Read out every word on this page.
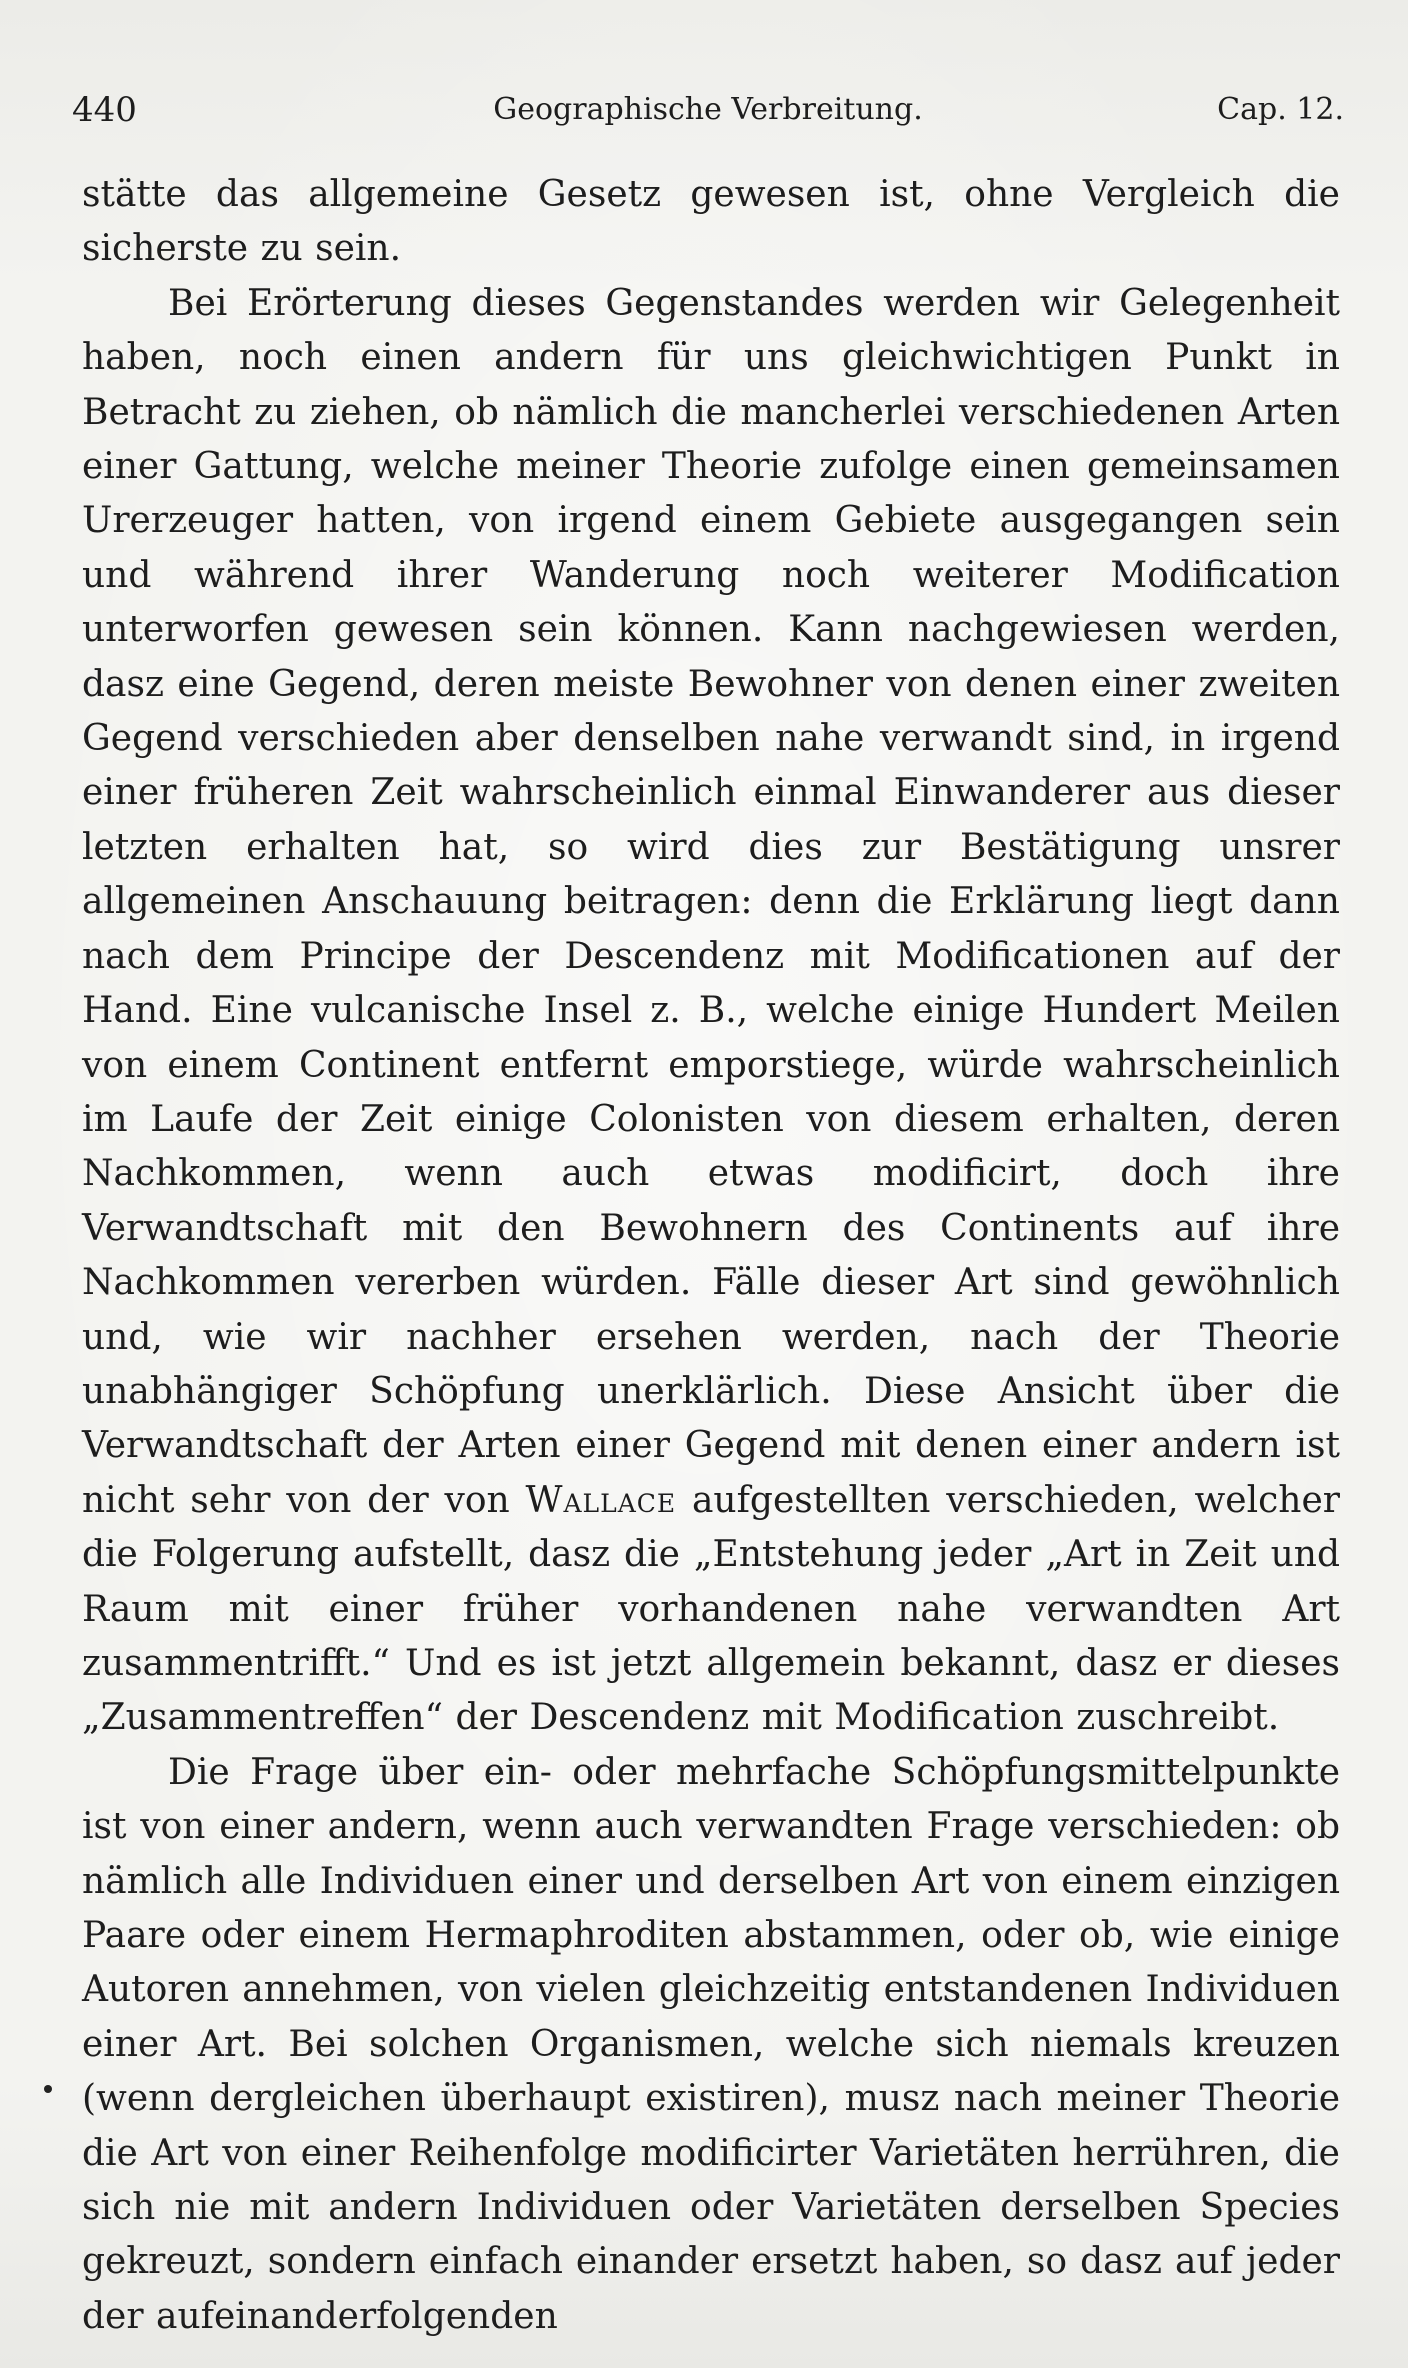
440	Geographische Verbreitung.	Cap. 12.

stätte das allgemeine Gesetz gewesen ist, ohne Vergleich die sicherste zu sein.

Bei Erörterung dieses Gegenstandes werden wir Gelegenheit haben, noch einen andern für uns gleichwichtigen Punkt in Betracht zu ziehen, ob nämlich die mancherlei verschiedenen Arten einer Gattung, welche meiner Theorie zufolge einen gemeinsamen Urerzeuger hatten, von irgend einem Gebiete ausgegangen sein und während ihrer Wanderung noch weiterer Modification unterworfen gewesen sein können. Kann nachgewiesen werden, dasz eine Gegend, deren meiste Bewohner von denen einer zweiten Gegend verschieden aber denselben nahe verwandt sind, in irgend einer früheren Zeit wahrscheinlich einmal Einwanderer aus dieser letzten erhalten hat, so wird dies zur Bestätigung unsrer allgemeinen Anschauung beitragen: denn die Erklärung liegt dann nach dem Principe der Descendenz mit Modificationen auf der Hand. Eine vulcanische Insel z. B., welche einige Hundert Meilen von einem Continent entfernt emporstiege, würde wahrscheinlich im Laufe der Zeit einige Colonisten von diesem erhalten, deren Nachkommen, wenn auch etwas modificirt, doch ihre Verwandtschaft mit den Bewohnern des Continents auf ihre Nachkommen vererben würden. Fälle dieser Art sind gewöhnlich und, wie wir nachher ersehen werden, nach der Theorie unabhängiger Schöpfung unerklärlich. Diese Ansicht über die Verwandtschaft der Arten einer Gegend mit denen einer andern ist nicht sehr von der von Wallace aufgestellten verschieden, welcher die Folgerung aufstellt, dasz die „Entstehung jeder „Art in Zeit und Raum mit einer früher vorhandenen nahe verwandten Art zusammentrifft.“ Und es ist jetzt allgemein bekannt, dasz er dieses „Zusammentreffen“ der Descendenz mit Modification zuschreibt.

Die Frage über ein- oder mehrfache Schöpfungsmittelpunkte ist von einer andern, wenn auch verwandten Frage verschieden: ob nämlich alle Individuen einer und derselben Art von einem einzigen Paare oder einem Hermaphroditen abstammen, oder ob, wie einige Autoren annehmen, von vielen gleichzeitig entstandenen Individuen einer Art. Bei solchen Organismen, welche sich niemals kreuzen (wenn dergleichen überhaupt existiren), musz nach meiner Theorie die Art von einer Reihenfolge modificirter Varietäten herrühren, die sich nie mit andern Individuen oder Varietäten derselben Species gekreuzt, sondern einfach einander ersetzt haben, so dasz auf jeder der aufeinanderfolgenden
